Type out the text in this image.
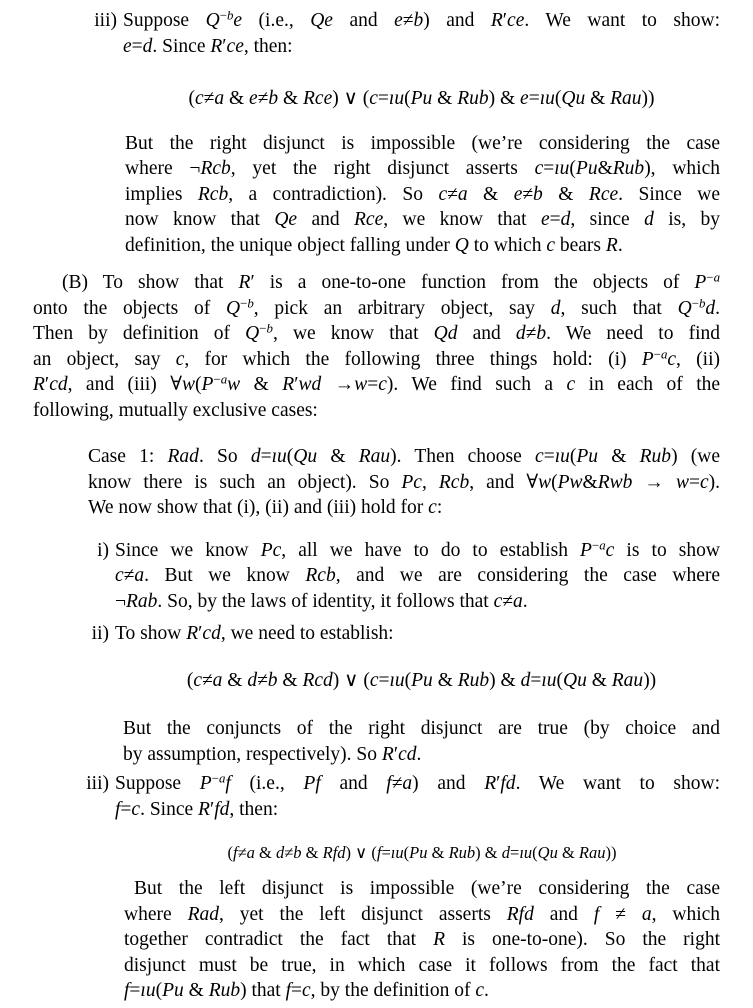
iii) Suppose $Q^{-b}e$ (i.e., Qe and e≠b) and R′ce. We want to show:
e=d. Since R′ce, then:
(c≠a & e≠b & Rce) ∨ (c=ıu(Pu & Rub) & e=ıu(Qu & Rau))
But the right disjunct is impossible (we’re considering the case
where ¬Rcb, yet the right disjunct asserts c=ıu(Pu&Rub), which
implies Rcb, a contradiction). So c≠a & e≠b & Rce. Since we
now know that Qe and Rce, we know that e=d, since d is, by
definition, the unique object falling under Q to which c bears R.
(B) To show that R′ is a one-to-one function from the objects of $P^{-a}$
onto the objects of $Q^{-b}$, pick an arbitrary object, say d, such that $Q^{-b}d$.
Then by definition of $Q^{-b}$, we know that Qd and d≠b. We need to find
an object, say c, for which the following three things hold: (i) $P^{-a}c$, (ii)
R′cd, and (iii) $\forall w(P^{-a}w$ & R′wd →w=c). We find such a c in each of the
following, mutually exclusive cases:
Case 1: Rad. So d=ıu(Qu & Rau). Then choose c=ıu(Pu & Rub) (we
know there is such an object). So Pc, Rcb, and ∀w(Pw&Rwb → w=c).
We now show that (i), (ii) and (iii) hold for c:
i) Since we know Pc, all we have to do to establish $P^{-a}c$ is to show
c≠a. But we know Rcb, and we are considering the case where
¬Rab. So, by the laws of identity, it follows that c≠a.
ii) To show R′cd, we need to establish:
(c≠a & d≠b & Rcd) ∨ (c=ıu(Pu & Rub) & d=ıu(Qu & Rau))
But the conjuncts of the right disjunct are true (by choice and
by assumption, respectively). So R′cd.
iii) Suppose $P^{-a}f$ (i.e., Pf and f≠a) and R′fd. We want to show:
f=c. Since R′fd, then:
(f≠a & d≠b & Rfd) ∨ (f=ıu(Pu & Rub) & d=ıu(Qu & Rau))
But the left disjunct is impossible (we’re considering the case
where Rad, yet the left disjunct asserts Rfd and f ≠ a, which
together contradict the fact that R is one-to-one). So the right
disjunct must be true, in which case it follows from the fact that
f=ıu(Pu & Rub) that f=c, by the definition of c.
